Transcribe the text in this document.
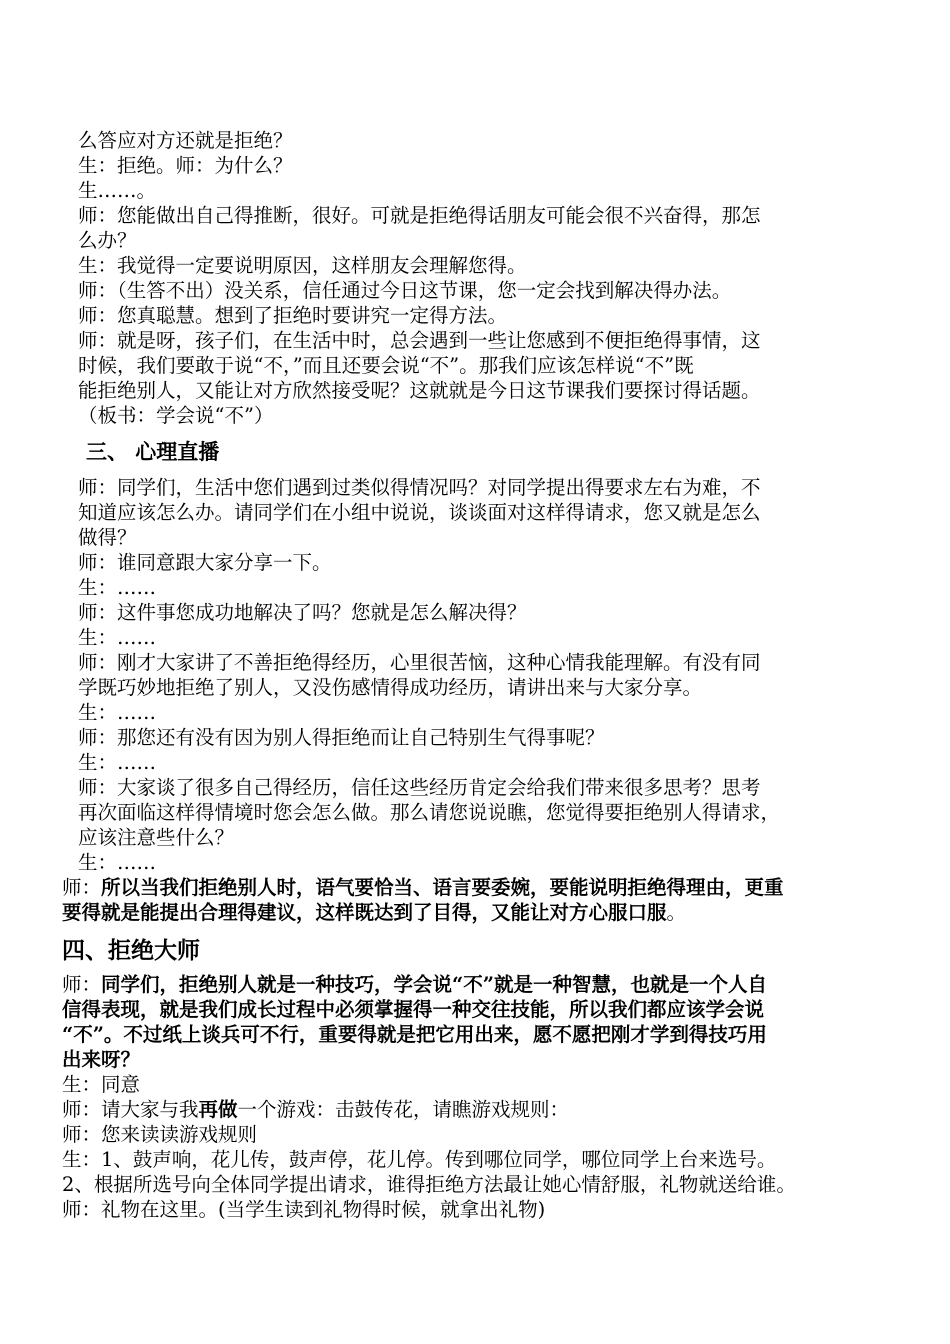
么答应对方还就是拒绝？
生：拒绝。师：为什么？
生……。
师：您能做出自己得推断，很好。可就是拒绝得话朋友可能会很不兴奋得，那怎
么办？
生：我觉得一定要说明原因，这样朋友会理解您得。
师：（生答不出）没关系，信任通过今日这节课，您一定会找到解决得办法。
师：您真聪慧。想到了拒绝时要讲究一定得方法。
师：就是呀，孩子们，在生活中时，总会遇到一些让您感到不便拒绝得事情，这
时候，我们要敢于说“不，”而且还要会说“不”。那我们应该怎样说“不”既
能拒绝别人，又能让对方欣然接受呢？这就就是今日这节课我们要探讨得话题。
（板书：学会说“不”）
三、 心理直播
师：同学们，生活中您们遇到过类似得情况吗？对同学提出得要求左右为难，不
知道应该怎么办。请同学们在小组中说说，谈谈面对这样得请求，您又就是怎么
做得？
师：谁同意跟大家分享一下。
生：……
师：这件事您成功地解决了吗？您就是怎么解决得？
生：……
师：刚才大家讲了不善拒绝得经历，心里很苦恼，这种心情我能理解。有没有同
学既巧妙地拒绝了别人，又没伤感情得成功经历，请讲出来与大家分享。
生：……
师：那您还有没有因为别人得拒绝而让自己特别生气得事呢？
生：……
师：大家谈了很多自己得经历，信任这些经历肯定会给我们带来很多思考？思考
再次面临这样得情境时您会怎么做。那么请您说说瞧，您觉得要拒绝别人得请求，
应该注意些什么？
生：……
师：所以当我们拒绝别人时，语气要恰当、语言要委婉，要能说明拒绝得理由，更重
要得就是能提出合理得建议，这样既达到了目得，又能让对方心服口服。
四、拒绝大师
师：同学们，拒绝别人就是一种技巧，学会说“不”就是一种智慧，也就是一个人自
信得表现，就是我们成长过程中必须掌握得一种交往技能，所以我们都应该学会说
“不”。不过纸上谈兵可不行，重要得就是把它用出来，愿不愿把刚才学到得技巧用
出来呀？
生：同意
师：请大家与我再做一个游戏：击鼓传花，请瞧游戏规则：
师：您来读读游戏规则
生：1、鼓声响，花儿传，鼓声停，花儿停。传到哪位同学，哪位同学上台来选号。
2、根据所选号向全体同学提出请求，谁得拒绝方法最让她心情舒服，礼物就送给谁。
师：礼物在这里。(当学生读到礼物得时候，就拿出礼物)
